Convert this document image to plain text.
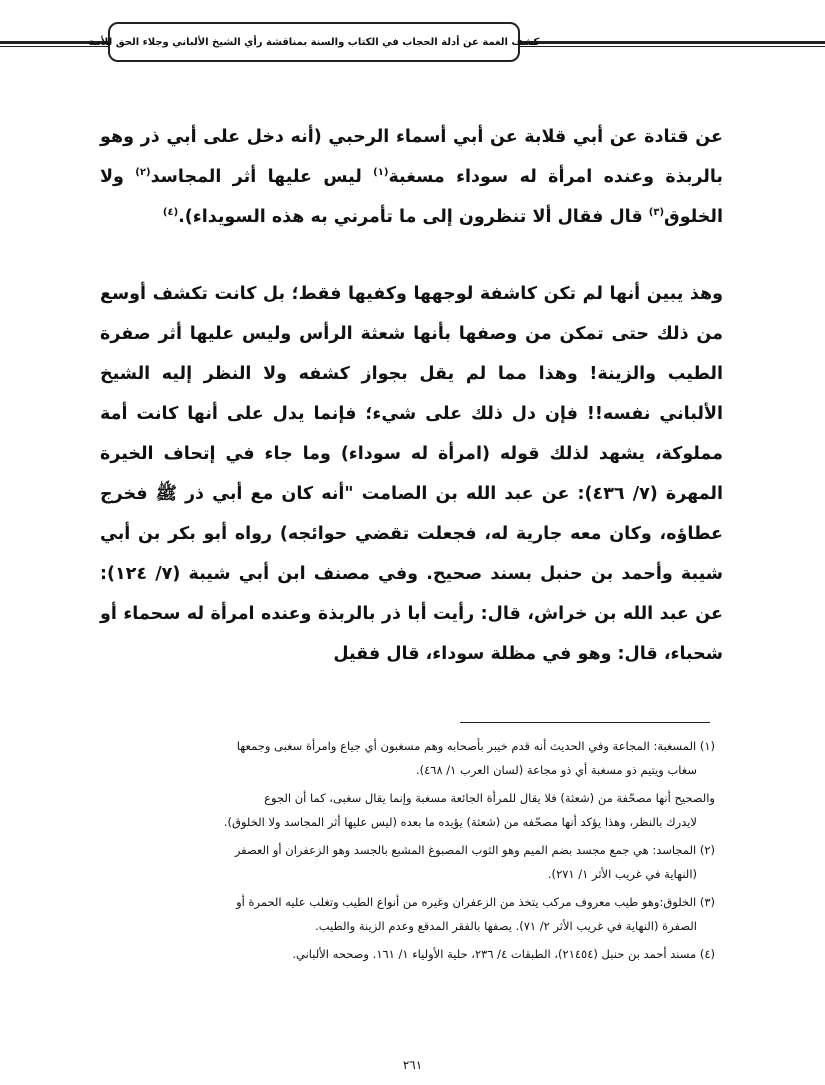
كشف الغمة عن أدلة الحجاب في الكتاب والسنة بمناقشة رأي الشيخ الألباني وجلاء الحق للأمة

عن قتادة عن أبي قلابة عن أبي أسماء الرحبي (أنه دخل على أبي ذر وهو بالربذة وعنده امرأة له سوداء مسغبة$^{(١)}$ ليس عليها أثر المجاسد$^{(٢)}$ ولا الخلوق$^{(٣)}$ قال فقال ألا تنظرون إلى ما تأمرني به هذه السويداء).$^{(٤)}$

وهذ يبين أنها لم تكن كاشفة لوجهها وكفيها فقط؛ بل كانت تكشف أوسع من ذلك حتى تمكن من وصفها بأنها شعثة الرأس وليس عليها أثر صفرة الطيب والزينة! وهذا مما لم يقل بجواز كشفه ولا النظر إليه الشيخ الألباني نفسه!! فإن دل ذلك على شيء؛ فإنما يدل على أنها كانت أمة مملوكة، يشهد لذلك قوله (امرأة له سوداء) وما جاء في إتحاف الخيرة المهرة (٧/ ٤٣٦): عن عبد الله بن الصامت "أنه كان مع أبي ذر ﷺ فخرج عطاؤه، وكان معه جارية له، فجعلت تقضي حوائجه) رواه أبو بكر بن أبي شيبة وأحمد بن حنبل بسند صحيح. وفي مصنف ابن أبي شيبة (٧/ ١٢٤): عن عبد الله بن خراش، قال: رأيت أبا ذر بالربذة وعنده امرأة له سحماء أو شحباء، قال: وهو في مظلة سوداء، قال فقيل

(١) المسغبة: المجاعة وفي الحديث أنه قدم خيبر بأصحابه وهم مسغبون أي جياع وامرأة سغبى وجمعها
سغاب ويتيم ذو مسغبة أي ذو مجاعة (لسان العرب ١/ ٤٦٨).

والصحيح أنها مصحّفة من (شعثة) فلا يقال للمرأة الجائعة مسغبة وإنما يقال سغبى، كما أن الجوع
لايدرك بالنظر، وهذا يؤكد أنها مصحّفه من (شعثة) يؤيده ما بعده (ليس عليها أثر المجاسد ولا الخلوق).

(٢) المجاسد: هي جمع مجسد بضم الميم وهو الثوب المصبوغ المشبع بالجسد وهو الزعفران أو العصفر
(النهاية في غريب الأثر ١/ ٢٧١).

(٣) الخلوق:وهو طيب معروف مركب يتخذ من الزعفران وغيره من أنواع الطيب وتغلب عليه الحمرة أو
الصفرة (النهاية في غريب الأثر ٢/ ٧١). يصفها بالفقر المدقع وعدم الزينة والطيب.

(٤) مسند أحمد بن حنبل (٢١٤٥٤)، الطبقات ٤/ ٢٣٦، حلية الأولياء ١/ ١٦١. وصححه الألباني.

٢٦١
